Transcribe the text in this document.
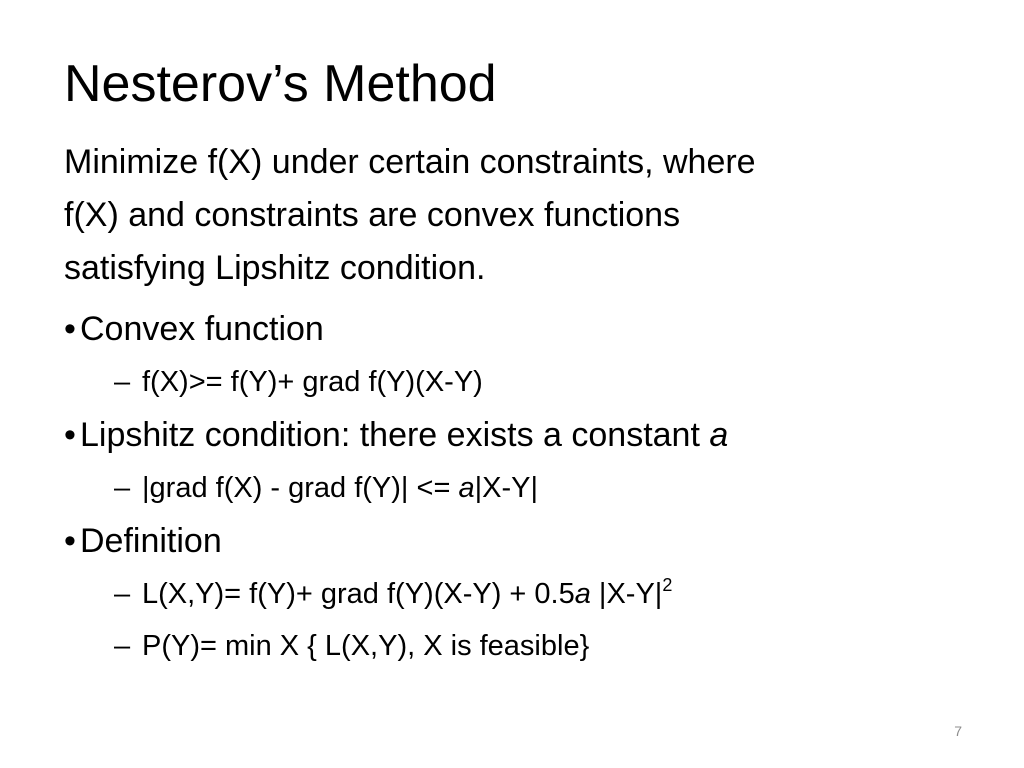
Nesterov’s Method

Minimize f(X) under certain constraints, where
f(X) and constraints are convex functions
satisfying Lipshitz condition.

• Convex function
– f(X)>= f(Y)+ grad f(Y)(X-Y)
• Lipshitz condition: there exists a constant a
– |grad f(X) - grad f(Y)| <= a|X-Y|
• Definition
– L(X,Y)= f(Y)+ grad f(Y)(X-Y) + 0.5a $|X-Y|^2$
– P(Y)= min X { L(X,Y), X is feasible}
7
